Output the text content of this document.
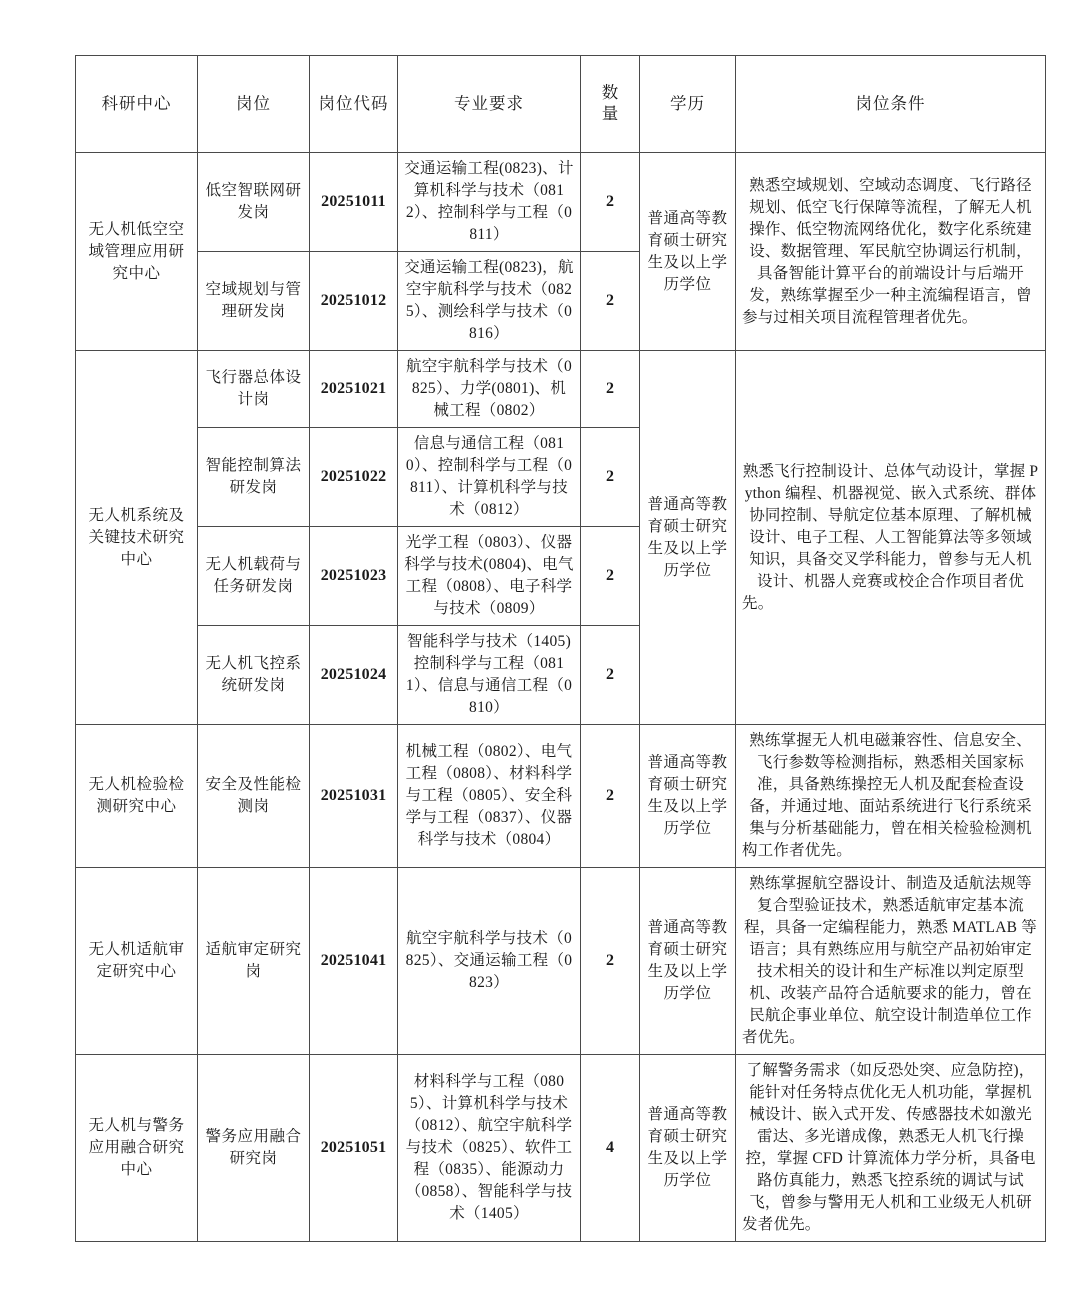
科研中心	岗位	岗位代码	专业要求	数量	学历	岗位条件
无人机低空空域管理应用研究中心	低空智联网研发岗	20251011	交通运输工程(0823)、计算机科学与技术（0812）、控制科学与工程（0811）	2	普通高等教育硕士研究生及以上学历学位	熟悉空域规划、空域动态调度、飞行路径规划、低空飞行保障等流程，了解无人机操作、低空物流网络优化，数字化系统建设、数据管理、军民航空协调运行机制，具备智能计算平台的前端设计与后端开发，熟练掌握至少一种主流编程语言，曾参与过相关项目流程管理者优先。
	空域规划与管理研发岗	20251012	交通运输工程(0823)，航空宇航科学与技术（0825）、测绘科学与技术（0816）	2		
无人机系统及关键技术研究中心	飞行器总体设计岗	20251021	航空宇航科学与技术（0825）、力学(0801)、机械工程（0802）	2	普通高等教育硕士研究生及以上学历学位	熟悉飞行控制设计、总体气动设计，掌握 Python 编程、机器视觉、嵌入式系统、群体协同控制、导航定位基本原理、了解机械设计、电子工程、人工智能算法等多领域知识，具备交叉学科能力，曾参与无人机设计、机器人竞赛或校企合作项目者优先。
	智能控制算法研发岗	20251022	信息与通信工程（0810）、控制科学与工程（0811）、计算机科学与技术（0812）	2		
	无人机载荷与任务研发岗	20251023	光学工程（0803）、仪器科学与技术(0804)、电气工程（0808）、电子科学与技术（0809）	2		
	无人机飞控系统研发岗	20251024	智能科学与技术（1405)控制科学与工程（0811）、信息与通信工程（0810）	2		
无人机检验检测研究中心	安全及性能检测岗	20251031	机械工程（0802）、电气工程（0808）、材料科学与工程（0805）、安全科学与工程（0837）、仪器科学与技术（0804）	2	普通高等教育硕士研究生及以上学历学位	熟练掌握无人机电磁兼容性、信息安全、飞行参数等检测指标，熟悉相关国家标准，具备熟练操控无人机及配套检查设备，并通过地、面站系统进行飞行系统采集与分析基础能力，曾在相关检验检测机构工作者优先。
无人机适航审定研究中心	适航审定研究岗	20251041	航空宇航科学与技术（0825）、交通运输工程（0823）	2	普通高等教育硕士研究生及以上学历学位	熟练掌握航空器设计、制造及适航法规等复合型验证技术，熟悉适航审定基本流程，具备一定编程能力，熟悉 MATLAB 等语言；具有熟练应用与航空产品初始审定技术相关的设计和生产标准以判定原型机、改装产品符合适航要求的能力，曾在民航企事业单位、航空设计制造单位工作者优先。
无人机与警务应用融合研究中心	警务应用融合研究岗	20251051	材料科学与工程（0805）、计算机科学与技术（0812）、航空宇航科学与技术（0825）、软件工程（0835）、能源动力（0858）、智能科学与技术（1405）	4	普通高等教育硕士研究生及以上学历学位	了解警务需求（如反恐处突、应急防控)，能针对任务特点优化无人机功能，掌握机械设计、嵌入式开发、传感器技术如激光雷达、多光谱成像，熟悉无人机飞行操控，掌握 CFD 计算流体力学分析，具备电路仿真能力，熟悉飞控系统的调试与试飞，曾参与警用无人机和工业级无人机研发者优先。
